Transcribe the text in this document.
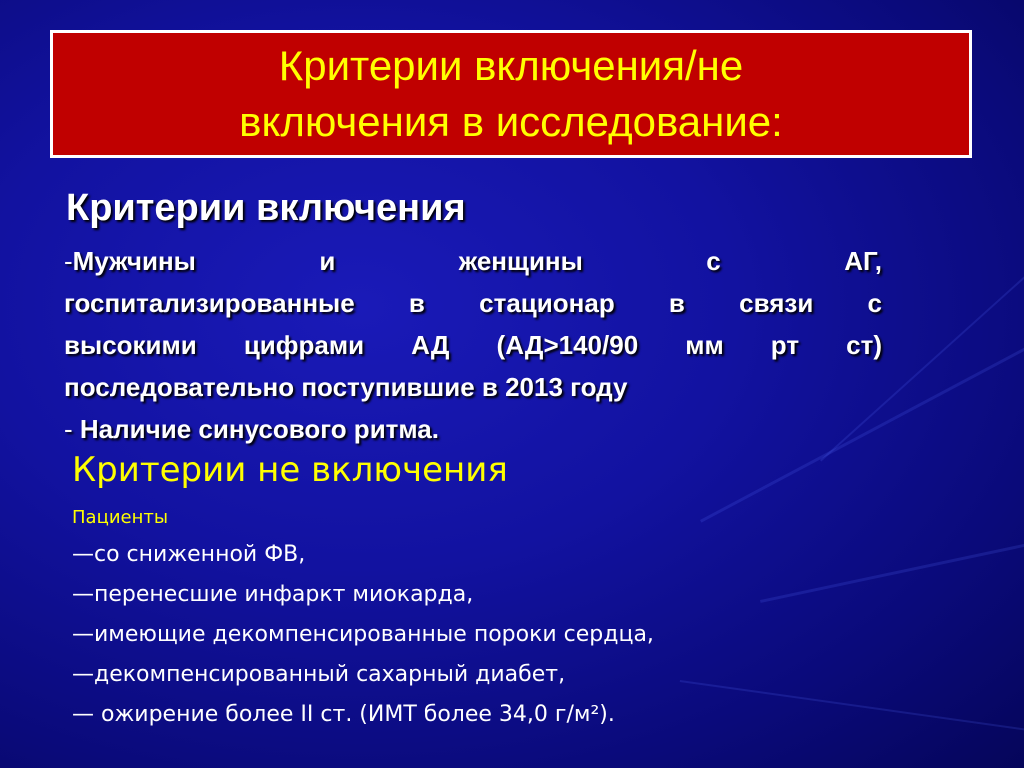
Критерии включения/не
включения в исследование:
Критерии включения
-Мужчины и женщины с АГ,
госпитализированные в стационар в связи с
высокими цифрами АД (АД>140/90 мм рт ст)
последовательно поступившие в 2013 году
- Наличие синусового ритма.
Критерии не включения
Пациенты
—со сниженной ФВ,
—перенесшие инфаркт миокарда,
—имеющие декомпенсированные пороки сердца,
—декомпенсированный сахарный диабет,
— ожирение более II ст. (ИМТ более 34,0 г/м²).
